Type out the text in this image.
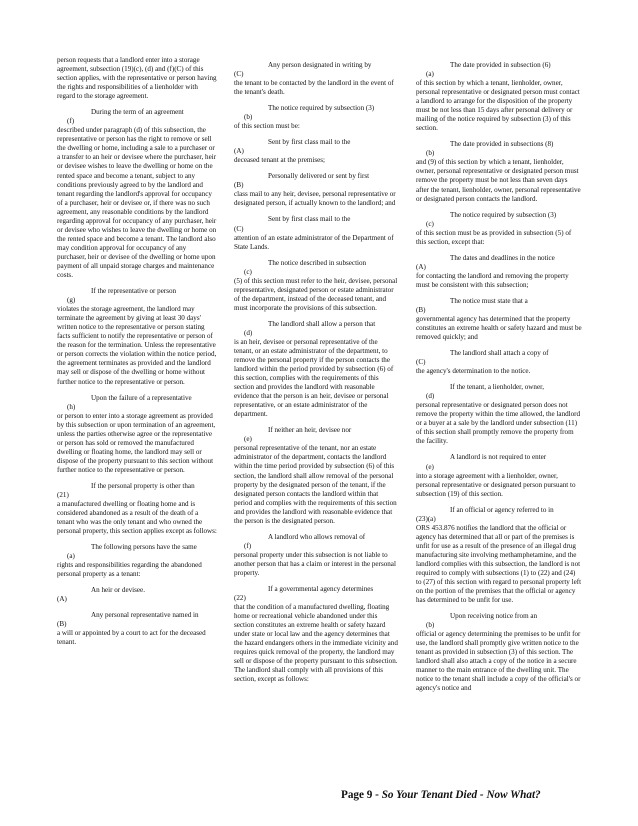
person requests that a landlord enter into a storage agreement, subsection (19)(c), (d) and (f)(C) of this section applies, with the representative or person having the rights and responsibilities of a lienholder with regard to the storage agreement.

During the term of an agreement
(f)

described under paragraph (d) of this subsection, the representative or person has the right to remove or sell the dwelling or home, including a sale to a purchaser or a transfer to an heir or devisee where the purchaser, heir or devisee wishes to leave the dwelling or home on the rented space and become a tenant, subject to any conditions previously agreed to by the landlord and tenant regarding the landlord's approval for occupancy of a purchaser, heir or devisee or, if there was no such agreement, any reasonable conditions by the landlord regarding approval for occupancy of any purchaser, heir or devisee who wishes to leave the dwelling or home on the rented space and become a tenant. The landlord also may condition approval for occupancy of any purchaser, heir or devisee of the dwelling or home upon payment of all unpaid storage charges and maintenance costs.

If the representative or person
(g)

violates the storage agreement, the landlord may terminate the agreement by giving at least 30 days' written notice to the representative or person stating facts sufficient to notify the representative or person of the reason for the termination. Unless the representative or person corrects the violation within the notice period, the agreement terminates as provided and the landlord may sell or dispose of the dwelling or home without further notice to the representative or person.

Upon the failure of a representative
(h)

or person to enter into a storage agreement as provided by this subsection or upon termination of an agreement, unless the parties otherwise agree or the representative or person has sold or removed the manufactured dwelling or floating home, the landlord may sell or dispose of the property pursuant to this section without further notice to the representative or person.

If the personal property is other than
(21)

a manufactured dwelling or floating home and is considered abandoned as a result of the death of a tenant who was the only tenant and who owned the personal property, this section applies except as follows:

The following persons have the same
(a)

rights and responsibilities regarding the abandoned personal property as a tenant:

An heir or devisee.
(A)

Any personal representative named in
(B)

a will or appointed by a court to act for the deceased tenant.

Any person designated in writing by
(C)

the tenant to be contacted by the landlord in the event of the tenant's death.

The notice required by subsection (3)
(b)

of this section must be:

Sent by first class mail to the
(A)

deceased tenant at the premises;

Personally delivered or sent by first
(B)

class mail to any heir, devisee, personal representative or designated person, if actually known to the landlord; and

Sent by first class mail to the
(C)

attention of an estate administrator of the Department of State Lands.

The notice described in subsection
(c)

(5) of this section must refer to the heir, devisee, personal representative, designated person or estate administrator of the department, instead of the deceased tenant, and must incorporate the provisions of this subsection.

The landlord shall allow a person that
(d)

is an heir, devisee or personal representative of the tenant, or an estate administrator of the department, to remove the personal property if the person contacts the landlord within the period provided by subsection (6) of this section, complies with the requirements of this section and provides the landlord with reasonable evidence that the person is an heir, devisee or personal representative, or an estate administrator of the department.

If neither an heir, devisee nor
(e)

personal representative of the tenant, nor an estate administrator of the department, contacts the landlord within the time period provided by subsection (6) of this section, the landlord shall allow removal of the personal property by the designated person of the tenant, if the designated person contacts the landlord within that period and complies with the requirements of this section and provides the landlord with reasonable evidence that the person is the designated person.

A landlord who allows removal of
(f)

personal property under this subsection is not liable to another person that has a claim or interest in the personal property.

If a governmental agency determines
(22)

that the condition of a manufactured dwelling, floating home or recreational vehicle abandoned under this section constitutes an extreme health or safety hazard under state or local law and the agency determines that the hazard endangers others in the immediate vicinity and requires quick removal of the property, the landlord may sell or dispose of the property pursuant to this subsection. The landlord shall comply with all provisions of this section, except as follows:

The date provided in subsection (6)
(a)

of this section by which a tenant, lienholder, owner, personal representative or designated person must contact a landlord to arrange for the disposition of the property must be not less than 15 days after personal delivery or mailing of the notice required by subsection (3) of this section.

The date provided in subsections (8)
(b)

and (9) of this section by which a tenant, lienholder, owner, personal representative or designated person must remove the property must be not less than seven days after the tenant, lienholder, owner, personal representative or designated person contacts the landlord.

The notice required by subsection (3)
(c)

of this section must be as provided in subsection (5) of this section, except that:

The dates and deadlines in the notice
(A)

for contacting the landlord and removing the property must be consistent with this subsection;

The notice must state that a
(B)

governmental agency has determined that the property constitutes an extreme health or safety hazard and must be removed quickly; and

The landlord shall attach a copy of
(C)

the agency's determination to the notice.

If the tenant, a lienholder, owner,
(d)

personal representative or designated person does not remove the property within the time allowed, the landlord or a buyer at a sale by the landlord under subsection (11) of this section shall promptly remove the property from the facility.

A landlord is not required to enter
(e)

into a storage agreement with a lienholder, owner, personal representative or designated person pursuant to subsection (19) of this section.

If an official or agency referred to in
(23)(a)

ORS 453.876 notifies the landlord that the official or agency has determined that all or part of the premises is unfit for use as a result of the presence of an illegal drug manufacturing site involving methamphetamine, and the landlord complies with this subsection, the landlord is not required to comply with subsections (1) to (22) and (24) to (27) of this section with regard to personal property left on the portion of the premises that the official or agency has determined to be unfit for use.

Upon receiving notice from an
(b)

official or agency determining the premises to be unfit for use, the landlord shall promptly give written notice to the tenant as provided in subsection (3) of this section. The landlord shall also attach a copy of the notice in a secure manner to the main entrance of the dwelling unit. The notice to the tenant shall include a copy of the official's or agency's notice and

Page 9 - So Your Tenant Died - Now What?
